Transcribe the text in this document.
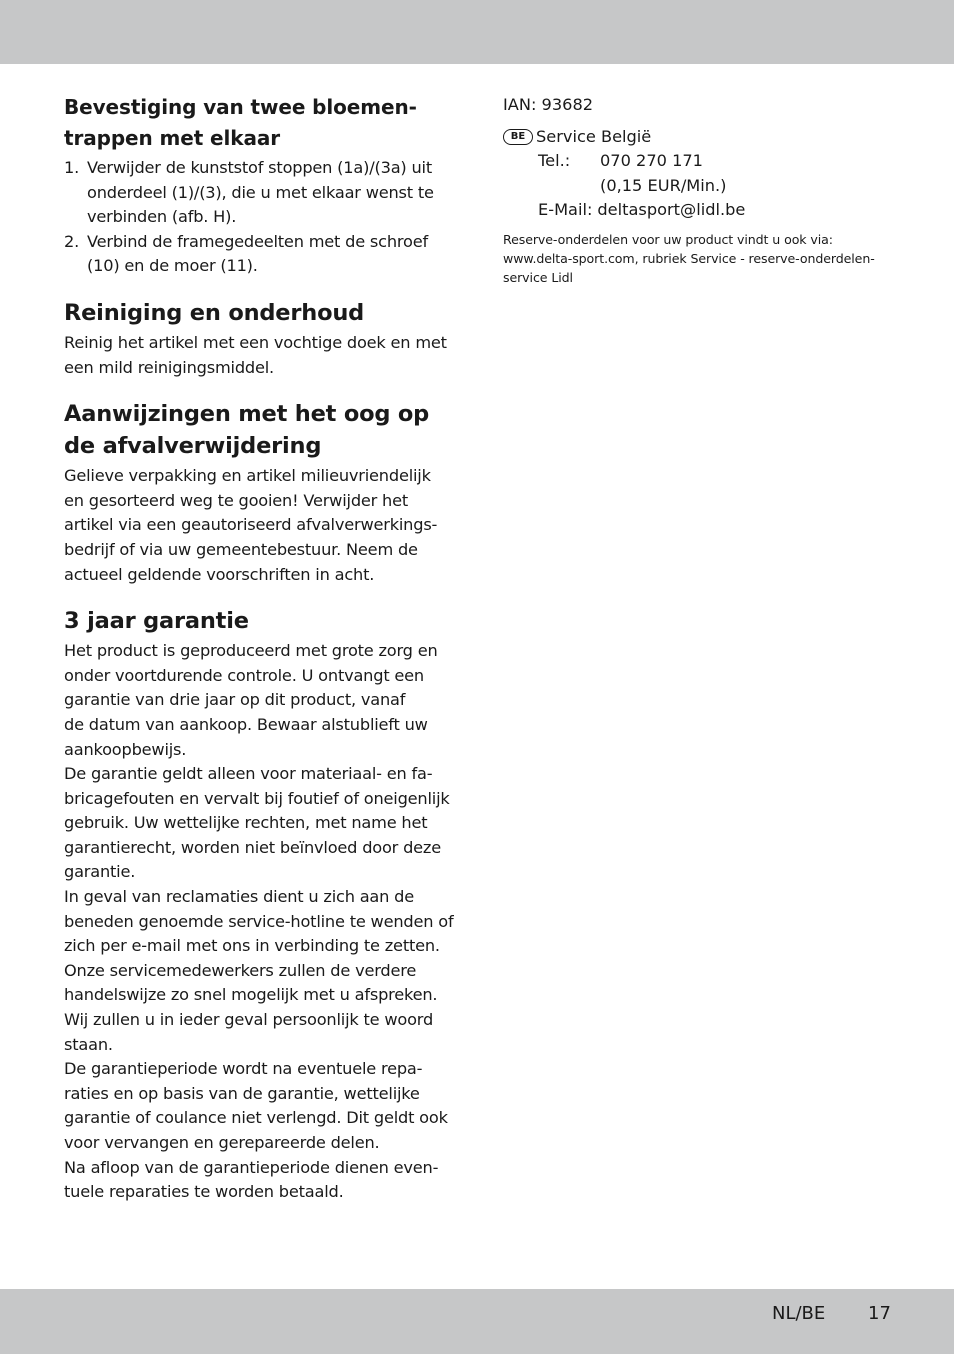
Bevestiging van twee bloemen-
trappen met elkaar
1. Verwijder de kunststof stoppen (1a)/(3a) uit
onderdeel (1)/(3), die u met elkaar wenst te
verbinden (afb. H).
2. Verbind de framegedeelten met de schroef
(10) en de moer (11).
Reiniging en onderhoud

Reinig het artikel met een vochtige doek en met
een mild reinigingsmiddel.

Aanwijzingen met het oog op
de afvalverwijdering

Gelieve verpakking en artikel milieuvriendelijk
en gesorteerd weg te gooien! Verwijder het
artikel via een geautoriseerd afvalverwerkings-
bedrijf of via uw gemeentebestuur. Neem de
actueel geldende voorschriften in acht.

3 jaar garantie

Het product is geproduceerd met grote zorg en
onder voortdurende controle. U ontvangt een
garantie van drie jaar op dit product, vanaf
de datum van aankoop. Bewaar alstublieft uw
aankoopbewijs.
De garantie geldt alleen voor materiaal- en fa-
bricagefouten en vervalt bij foutief of oneigenlijk
gebruik. Uw wettelijke rechten, met name het
garantierecht, worden niet beïnvloed door deze
garantie.
In geval van reclamaties dient u zich aan de
beneden genoemde service-hotline te wenden of
zich per e-mail met ons in verbinding te zetten.
Onze servicemedewerkers zullen de verdere
handelswijze zo snel mogelijk met u afspreken.
Wij zullen u in ieder geval persoonlijk te woord
staan.
De garantieperiode wordt na eventuele repa-
raties en op basis van de garantie, wettelijke
garantie of coulance niet verlengd. Dit geldt ook
voor vervangen en gerepareerde delen.
Na afloop van de garantieperiode dienen even-
tuele reparaties te worden betaald.

IAN: 93682
BE Service België
Tel.:	070 270 171
(0,15 EUR/Min.)
E-Mail: deltasport@lidl.be
Reserve-onderdelen voor uw product vindt u ook via:
www.delta-sport.com, rubriek Service - reserve-onderdelen-
service Lidl
NL/BE 17
